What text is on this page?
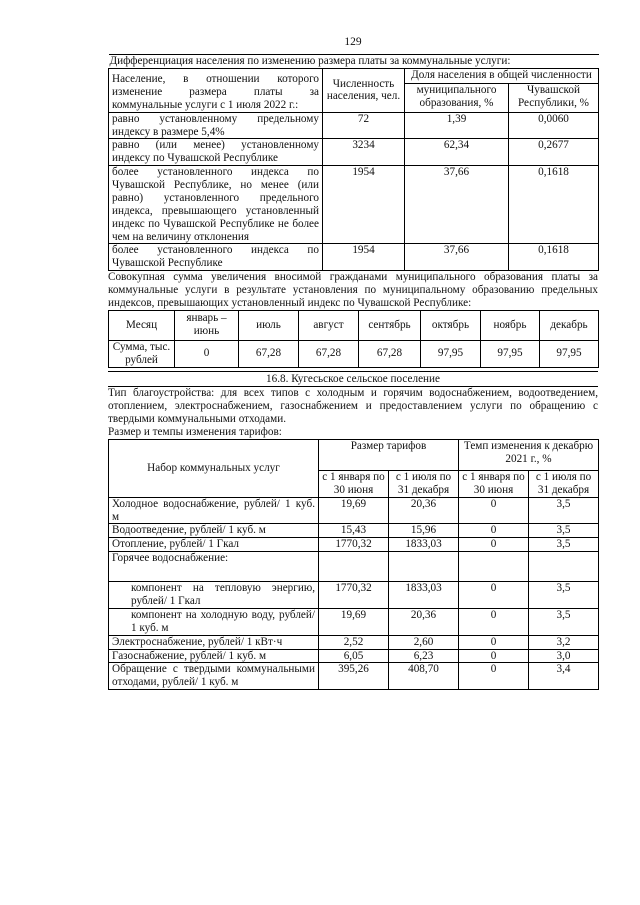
129
Дифференциация населения по изменению размера платы за коммунальные услуги:			
Население, в отношении которого изменение размера платы за коммунальные услуги с 1 июля 2022 г.:	Численность населения, чел.	Доля населения в общей численности	
		муниципального образования, %	Чувашской Республики, %
равно установленному предельному индексу в размере 5,4%	72	1,39	0,0060
равно (или менее) установленному индексу по Чувашской Республике	3234	62,34	0,2677
более установленного индекса по Чувашской Республике, но менее (или равно) установленного предельного индекса, превышающего установленный индекс по Чувашской Республике не более чем на величину отклонения	1954	37,66	0,1618
более установленного индекса по Чувашской Республике	1954	37,66	0,1618
Совокупная сумма увеличения вносимой гражданами муниципального образования платы за коммунальные услуги в результате установления по муниципальному образованию предельных индексов, превышающих установленный индекс по Чувашской Республике:
Месяц	январь – июнь	июль	август	сентябрь	октябрь	ноябрь	декабрь
Сумма, тыс. рублей	0	67,28	67,28	67,28	97,95	97,95	97,95
16.8. Кугесьское сельское поселение
Тип благоустройства: для всех типов с холодным и горячим водоснабжением, водоотведением, отоплением, электроснабжением, газоснабжением и предоставлением услуги по обращению с твердыми коммунальными отходами.
Размер и темпы изменения тарифов:
Набор коммунальных услуг	Размер тарифов		Темп изменения к декабрю 2021 г., %	
	с 1 января по 30 июня	с 1 июля по 31 декабря	с 1 января по 30 июня	с 1 июля по 31 декабря
Холодное водоснабжение, рублей/ 1 куб. м	19,69	20,36	0	3,5
Водоотведение, рублей/ 1 куб. м	15,43	15,96	0	3,5
Отопление, рублей/ 1 Гкал	1770,32	1833,03	0	3,5
Горячее водоснабжение:				
компонент на тепловую энергию, рублей/ 1 Гкал	1770,32	1833,03	0	3,5
компонент на холодную воду, рублей/ 1 куб. м	19,69	20,36	0	3,5
Электроснабжение, рублей/ 1 кВт·ч	2,52	2,60	0	3,2
Газоснабжение, рублей/ 1 куб. м	6,05	6,23	0	3,0
Обращение с твердыми коммунальными отходами, рублей/ 1 куб. м	395,26	408,70	0	3,4
